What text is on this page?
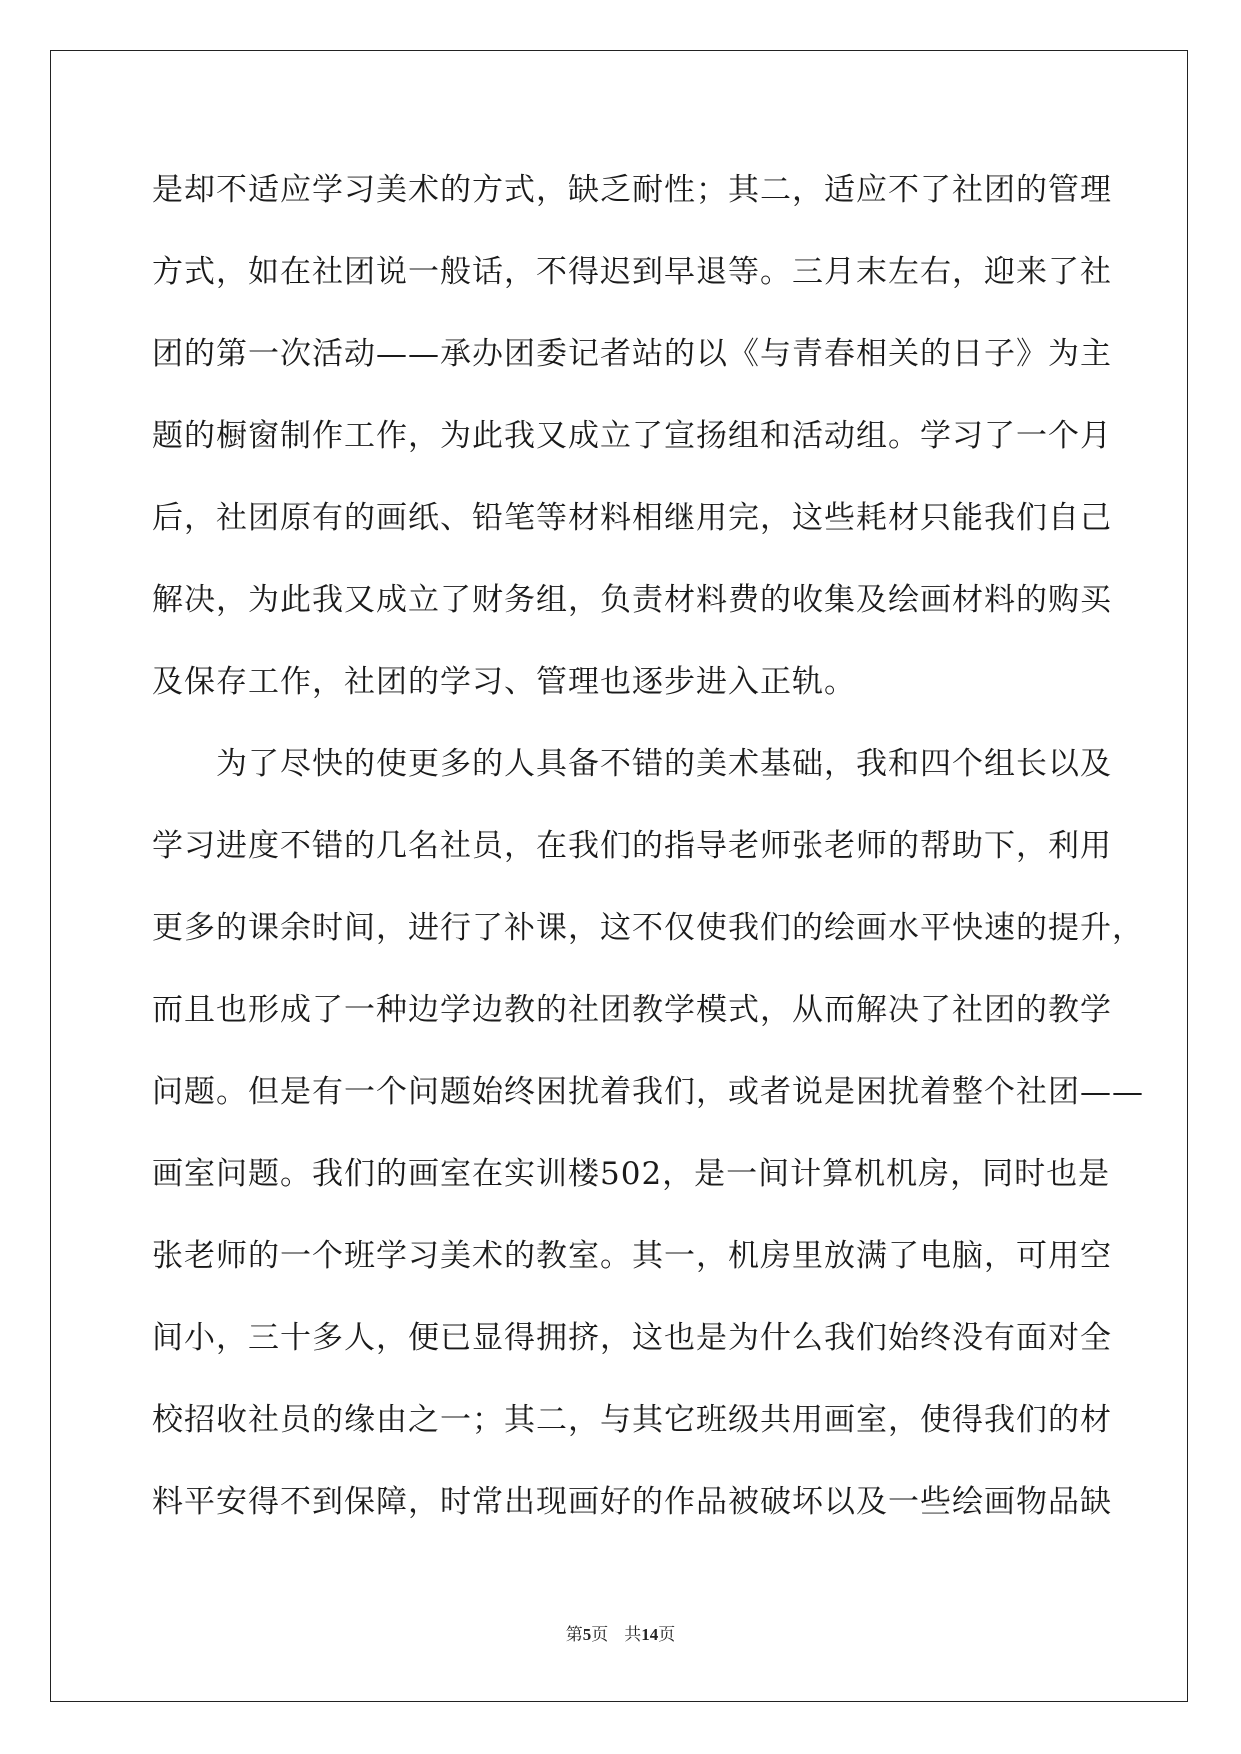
是却不适应学习美术的方式，缺乏耐性；其二，适应不了社团的管理
方式，如在社团说一般话，不得迟到早退等。三月末左右，迎来了社
团的第一次活动——承办团委记者站的以《与青春相关的日子》为主
题的橱窗制作工作，为此我又成立了宣扬组和活动组。学习了一个月
后，社团原有的画纸、铅笔等材料相继用完，这些耗材只能我们自己
解决，为此我又成立了财务组，负责材料费的收集及绘画材料的购买
及保存工作，社团的学习、管理也逐步进入正轨。
为了尽快的使更多的人具备不错的美术基础，我和四个组长以及
学习进度不错的几名社员，在我们的指导老师张老师的帮助下，利用
更多的课余时间，进行了补课，这不仅使我们的绘画水平快速的提升，
而且也形成了一种边学边教的社团教学模式，从而解决了社团的教学
问题。但是有一个问题始终困扰着我们，或者说是困扰着整个社团——
画室问题。我们的画室在实训楼502，是一间计算机机房，同时也是
张老师的一个班学习美术的教室。其一，机房里放满了电脑，可用空
间小，三十多人，便已显得拥挤，这也是为什么我们始终没有面对全
校招收社员的缘由之一；其二，与其它班级共用画室，使得我们的材
料平安得不到保障，时常出现画好的作品被破坏以及一些绘画物品缺
第5页 共14页
